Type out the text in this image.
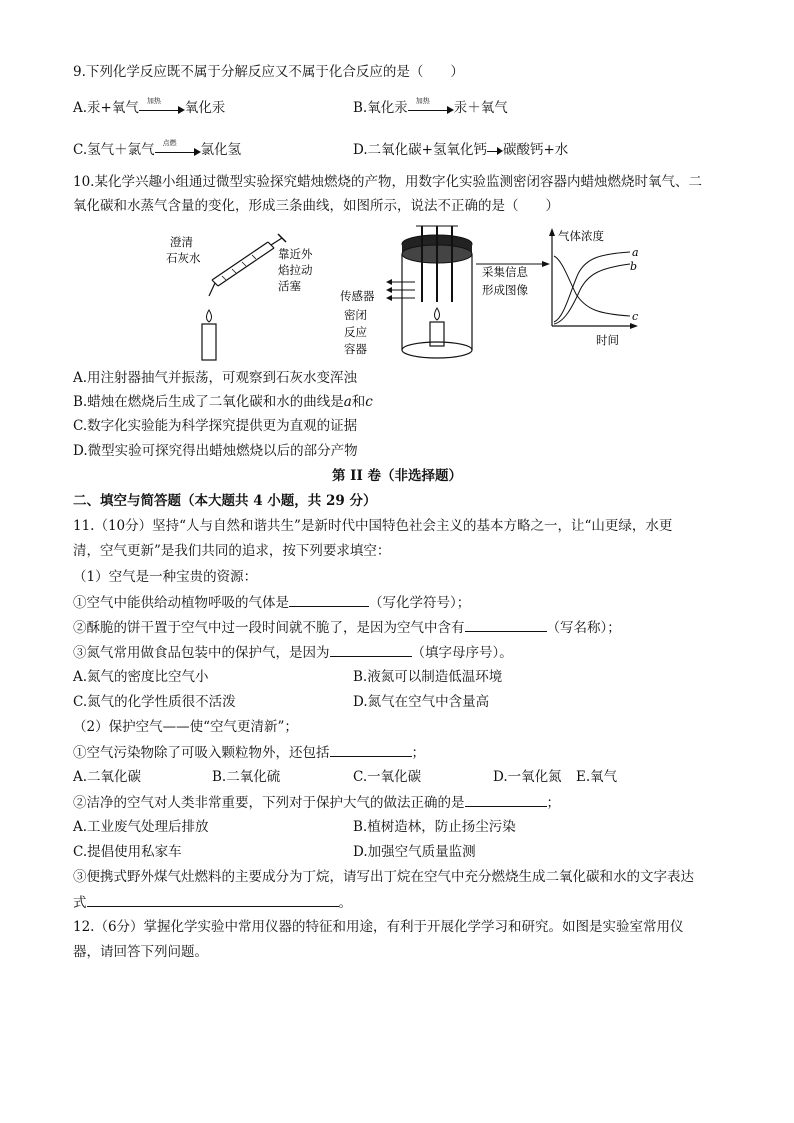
9.下列化学反应既不属于分解反应又不属于化合反应的是（　　）
A.汞+氧气 加热 氧化汞	B.氧化汞 加热 汞＋氧气
C.氢气＋氯气 点燃 氯化氢	D.二氧化碳+氢氧化钙 碳酸钙+水
10.某化学兴趣小组通过微型实验探究蜡烛燃烧的产物，用数字化实验监测密闭容器内蜡烛燃烧时氧气、二
氧化碳和水蒸气含量的变化，形成三条曲线，如图所示，说法不正确的是（　　）
澄清
石灰水	靠近外
焰拉动
活塞
传感器
密闭
反应
容器
采集信息
形成图像
气体浓度
a
b
c
时间
A.用注射器抽气并振荡，可观察到石灰水变浑浊
B.蜡烛在燃烧后生成了二氧化碳和水的曲线是a和c
C.数字化实验能为科学探究提供更为直观的证据
D.微型实验可探究得出蜡烛燃烧以后的部分产物
第 II 卷（非选择题）
二、填空与简答题（本大题共 4 小题，共 29 分）
11.（10分）坚持“人与自然和谐共生”是新时代中国特色社会主义的基本方略之一，让“山更绿，水更
清，空气更新”是我们共同的追求，按下列要求填空：
（1）空气是一种宝贵的资源：
①空气中能供给动植物呼吸的气体是	（写化学符号）；
②酥脆的饼干置于空气中过一段时间就不脆了，是因为空气中含有	（写名称）；
③氮气常用做食品包装中的保护气，是因为	（填字母序号）。
A.氮气的密度比空气小	B.液氮可以制造低温环境
C.氮气的化学性质很不活泼	D.氮气在空气中含量高
（2）保护空气——使“空气更清新”；
①空气污染物除了可吸入颗粒物外，还包括	；
A.二氧化碳	B.二氧化硫	C.一氧化碳	D.一氧化氮 E.氧气
②洁净的空气对人类非常重要，下列对于保护大气的做法正确的是	；
A.工业废气处理后排放	B.植树造林，防止扬尘污染
C.提倡使用私家车	D.加强空气质量监测
③便携式野外煤气灶燃料的主要成分为丁烷，请写出丁烷在空气中充分燃烧生成二氧化碳和水的文字表达
式	。
12.（6分）掌握化学实验中常用仪器的特征和用途，有利于开展化学学习和研究。如图是实验室常用仪
器，请回答下列问题。
